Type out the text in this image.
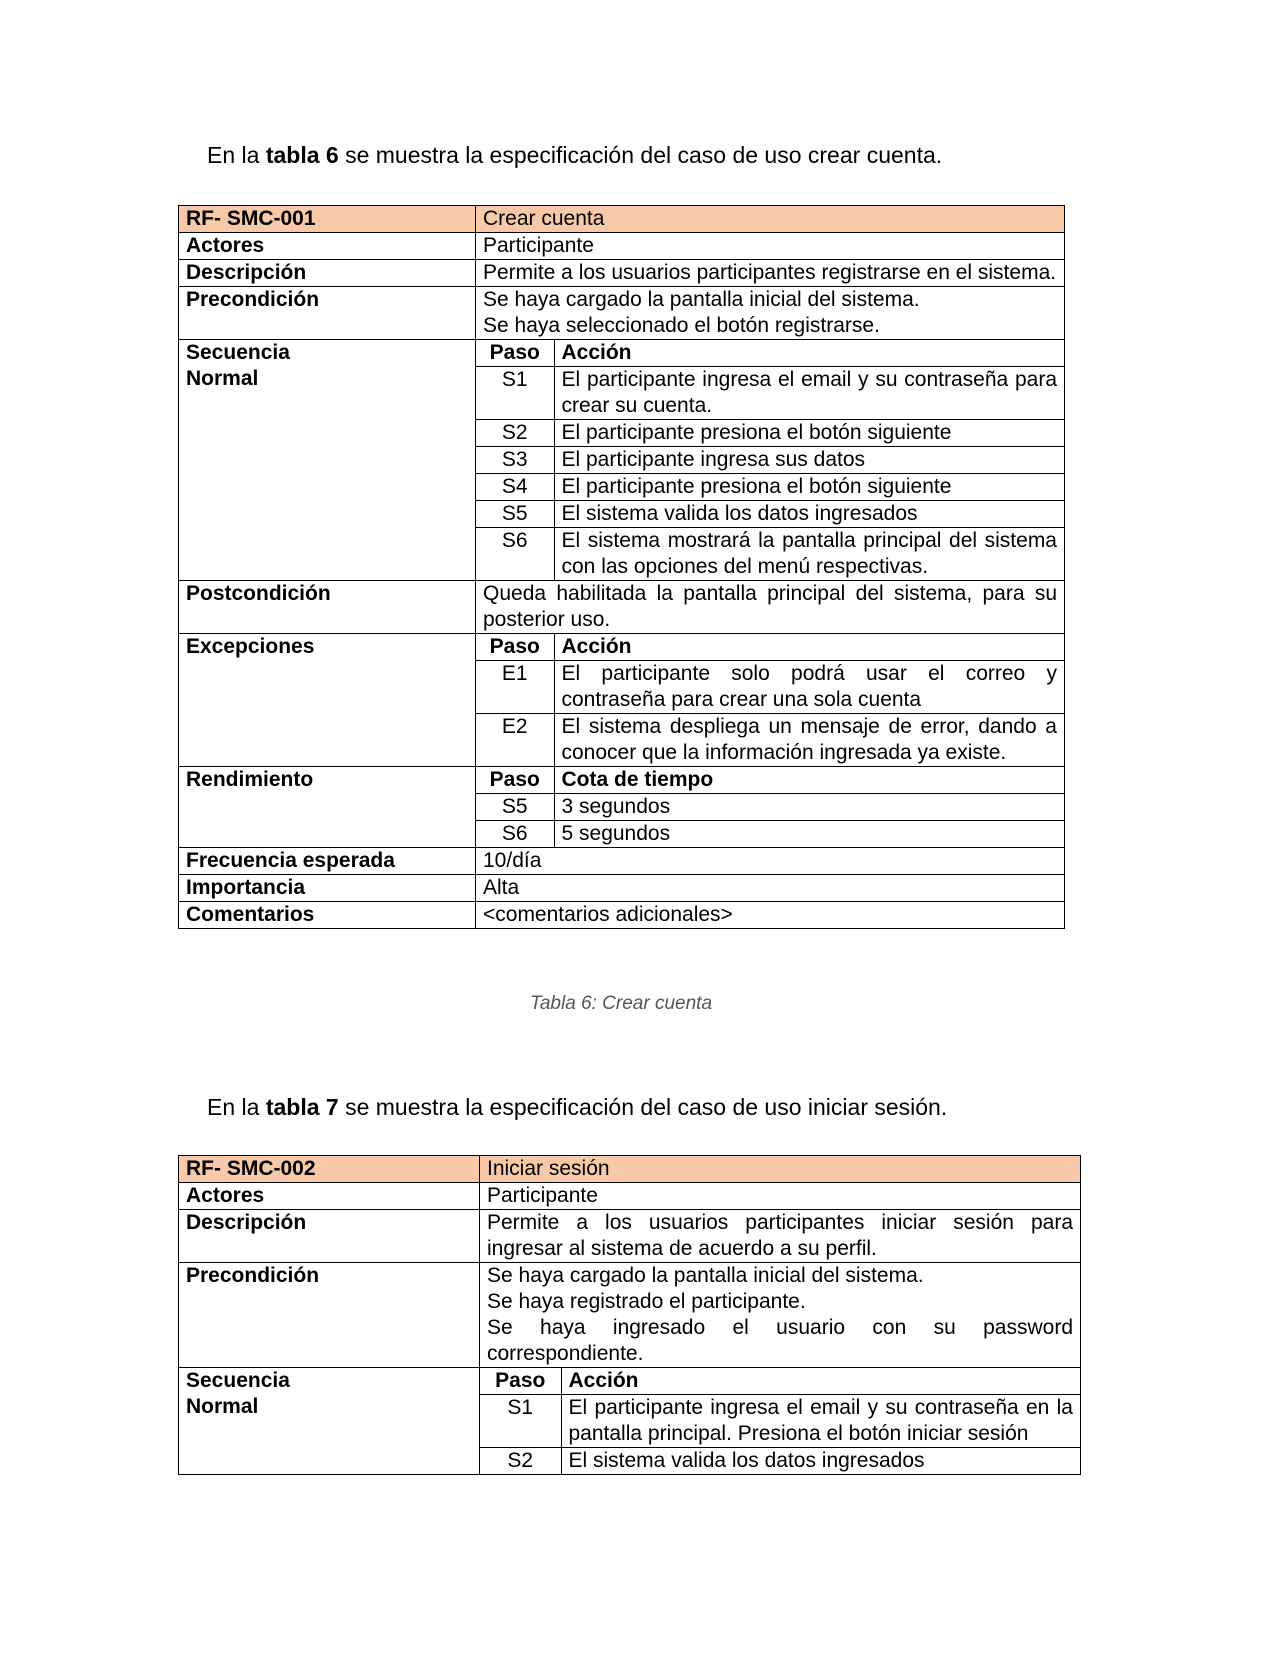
En la tabla 6 se muestra la especificación del caso de uso crear cuenta.
RF- SMC-001	Crear cuenta
Actores	Participante
Descripción	Permite a los usuarios participantes registrarse en el sistema.
Precondición	Se haya cargado la pantalla inicial del sistema.
Se haya seleccionado el botón registrarse.

Secuencia
Normal

Paso	Acción
S1	El participante ingresa el email y su contraseña para crear su cuenta.
S2	El participante presiona el botón siguiente
S3	El participante ingresa sus datos
S4	El participante presiona el botón siguiente
S5	El sistema valida los datos ingresados
S6	El sistema mostrará la pantalla principal del sistema con las opciones del menú respectivas.

Postcondición	Queda habilitada la pantalla principal del sistema, para su posterior uso.
Excepciones		Paso	Acción
E1	El participante solo podrá usar el correo y contraseña para crear una sola cuenta
E2	El sistema despliega un mensaje de error, dando a conocer que la información ingresada ya existe.

Rendimiento		Paso	Cota de tiempo
S5	3 segundos
S6	5 segundos

Frecuencia esperada	10/día
Importancia	Alta
Comentarios	<comentarios adicionales>
Tabla 6: Crear cuenta
En la tabla 7 se muestra la especificación del caso de uso iniciar sesión.
RF- SMC-002	Iniciar sesión
Actores	Participante
Descripción	Permite a los usuarios participantes iniciar sesión para ingresar al sistema de acuerdo a su perfil.
Precondición	Se haya cargado la pantalla inicial del sistema.
Se haya registrado el participante.
Se haya ingresado el usuario con su password correspondiente.

Secuencia
Normal

Paso	Acción
S1	El participante ingresa el email y su contraseña en la pantalla principal. Presiona el botón iniciar sesión
S2	El sistema valida los datos ingresados
